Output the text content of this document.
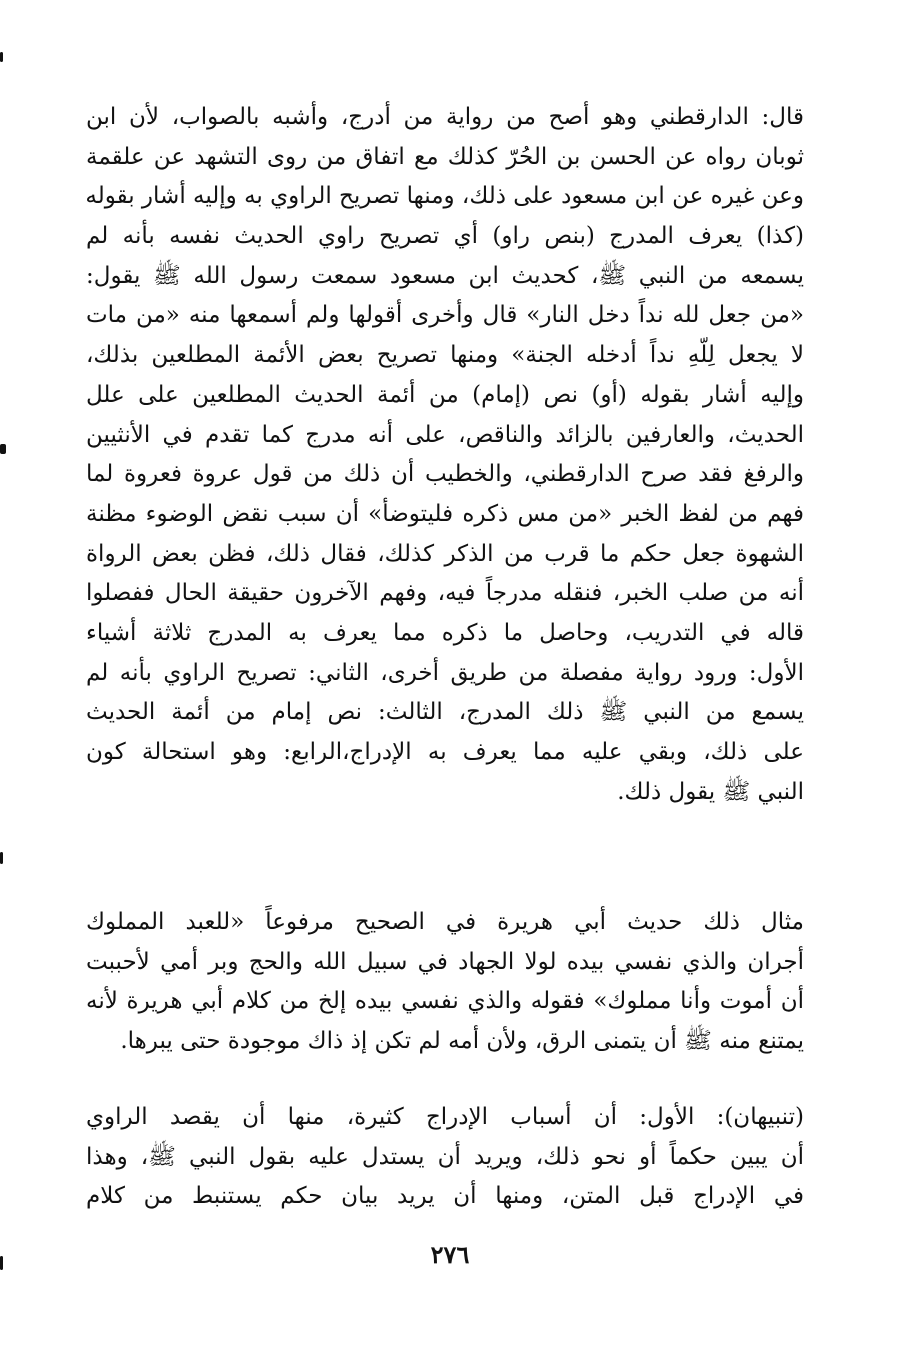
قال: الدارقطني وهو أصح من رواية من أدرج، وأشبه بالصواب، لأن ابن
ثوبان رواه عن الحسن بن الحُرّ كذلك مع اتفاق من روى التشهد عن علقمة
وعن غيره عن ابن مسعود على ذلك، ومنها تصريح الراوي به وإليه أشار بقوله
(كذا) يعرف المدرج (بنص راو) أي تصريح راوي الحديث نفسه بأنه لم
يسمعه من النبي ﷺ، كحديث ابن مسعود سمعت رسول الله ﷺ يقول:
«من جعل لله نداً دخل النار» قال وأخرى أقولها ولم أسمعها منه «من مات
لا يجعل لِلّهِ نداً أدخله الجنة» ومنها تصريح بعض الأئمة المطلعين بذلك،
وإليه أشار بقوله (أو) نص (إمام) من أئمة الحديث المطلعين على علل
الحديث، والعارفين بالزائد والناقص، على أنه مدرج كما تقدم في الأنثيين
والرفغ فقد صرح الدارقطني، والخطيب أن ذلك من قول عروة فعروة لما
فهم من لفظ الخبر «من مس ذكره فليتوضأ» أن سبب نقض الوضوء مظنة
الشهوة جعل حكم ما قرب من الذكر كذلك، فقال ذلك، فظن بعض الرواة
أنه من صلب الخبر، فنقله مدرجاً فيه، وفهم الآخرون حقيقة الحال ففصلوا
قاله في التدريب، وحاصل ما ذكره مما يعرف به المدرج ثلاثة أشياء
الأول: ورود رواية مفصلة من طريق أخرى، الثاني: تصريح الراوي بأنه لم
يسمع من النبي ﷺ ذلك المدرج، الثالث: نص إمام من أئمة الحديث
على ذلك، وبقي عليه مما يعرف به الإدراج،الرابع: وهو استحالة كون
النبي ﷺ يقول ذلك.
مثال ذلك حديث أبي هريرة في الصحيح مرفوعاً «للعبد المملوك
أجران والذي نفسي بيده لولا الجهاد في سبيل الله والحج وبر أمي لأحببت
أن أموت وأنا مملوك» فقوله والذي نفسي بيده إلخ من كلام أبي هريرة لأنه
يمتنع منه ﷺ أن يتمنى الرق، ولأن أمه لم تكن إذ ذاك موجودة حتى يبرها.
(تنبيهان): الأول: أن أسباب الإدراج كثيرة، منها أن يقصد الراوي
أن يبين حكماً أو نحو ذلك، ويريد أن يستدل عليه بقول النبي ﷺ، وهذا
في الإدراج قبل المتن، ومنها أن يريد بيان حكم يستنبط من كلام
٢٧٦
